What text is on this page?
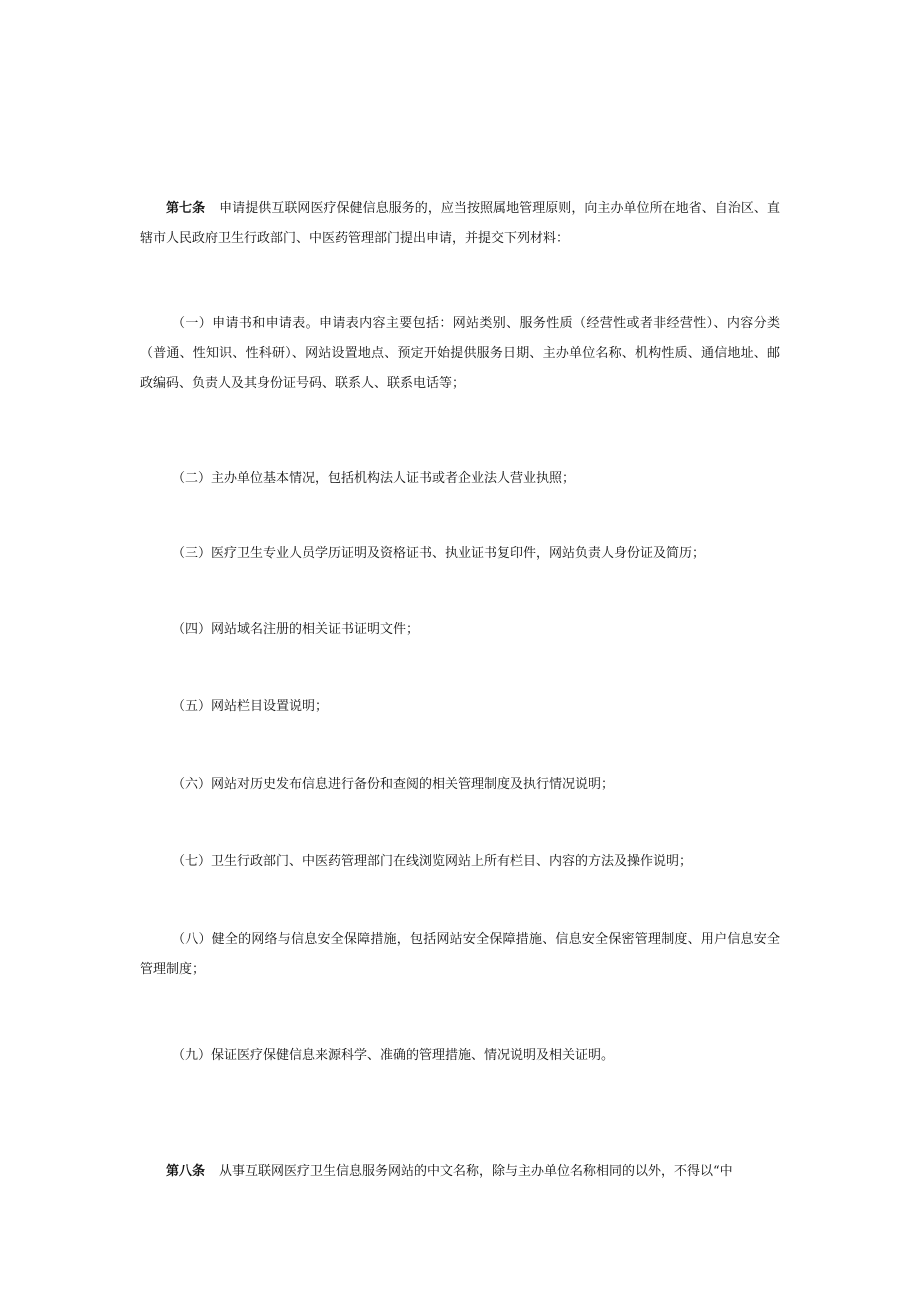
第七条 申请提供互联网医疗保健信息服务的，应当按照属地管理原则，向主办单位所在地省、自治区、直辖市人民政府卫生行政部门、中医药管理部门提出申请，并提交下列材料：

（一）申请书和申请表。申请表内容主要包括：网站类别、服务性质（经营性或者非经营性）、内容分类（普通、性知识、性科研）、网站设置地点、预定开始提供服务日期、主办单位名称、机构性质、通信地址、邮政编码、负责人及其身份证号码、联系人、联系电话等；

（二）主办单位基本情况，包括机构法人证书或者企业法人营业执照；

（三）医疗卫生专业人员学历证明及资格证书、执业证书复印件，网站负责人身份证及简历；

（四）网站域名注册的相关证书证明文件；

（五）网站栏目设置说明；

（六）网站对历史发布信息进行备份和查阅的相关管理制度及执行情况说明；

（七）卫生行政部门、中医药管理部门在线浏览网站上所有栏目、内容的方法及操作说明；

（八）健全的网络与信息安全保障措施，包括网站安全保障措施、信息安全保密管理制度、用户信息安全管理制度；

（九）保证医疗保健信息来源科学、准确的管理措施、情况说明及相关证明。

第八条 从事互联网医疗卫生信息服务网站的中文名称，除与主办单位名称相同的以外，不得以“中
